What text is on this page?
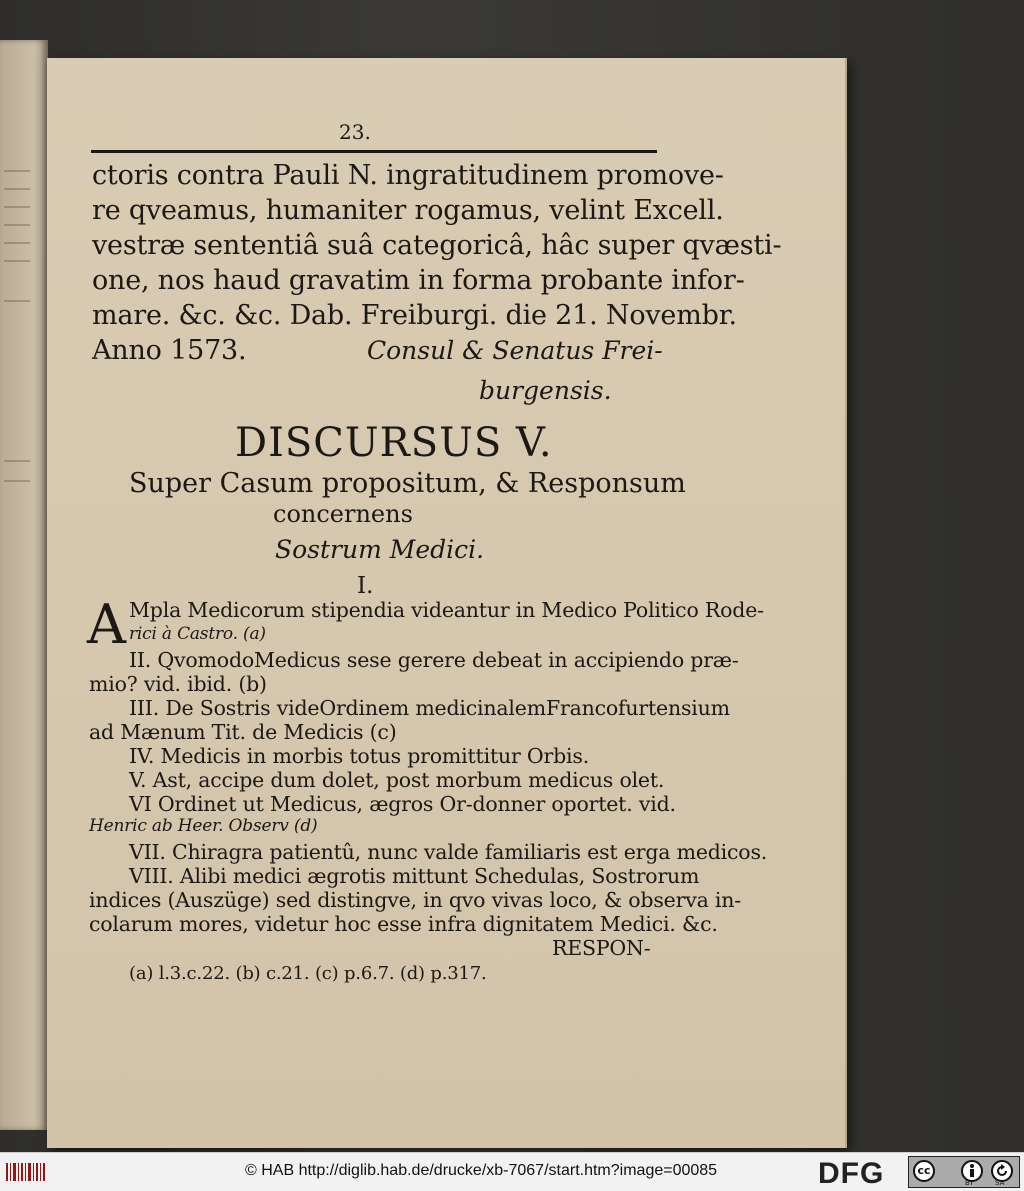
23.
ctoris contra Pauli N. ingratitudinem promove-
re qveamus, humaniter rogamus, velint Excell.
vestræ sententiâ suâ categoricâ, hâc super qvæsti-
one, nos haud gravatim in forma probante infor-
mare. &c. &c. Dab. Freiburgi. die 21. Novembr.
Anno 1573.	Consul & Senatus Frei-
burgensis.
DISCURSUS V.
Super Casum propositum, & Responsum
concernens
Sostrum Medici.
I.
A Mpla Medicorum stipendia videantur in Medico Politico Rode-
rici à Castro. (a)
II. QvomodoMedicus sese gerere debeat in accipiendo præ-
mio? vid. ibid. (b)
III. De Sostris videOrdinem medicinalemFrancofurtensium
ad Mænum Tit. de Medicis (c)
IV. Medicis in morbis totus promittitur Orbis.
V. Ast, accipe dum dolet, post morbum medicus olet.
VI Ordinet ut Medicus, ægros Or-donner oportet. vid.
Henric ab Heer. Observ (d)
VII. Chiragra patientû, nunc valde familiaris est erga medicos.
VIII. Alibi medici ægrotis mittunt Schedulas, Sostrorum
indices (Auszüge) sed distingve, in qvo vivas loco, & observa in-
colarum mores, videtur hoc esse infra dignitatem Medici. &c.
RESPON-
(a) l.3.c.22. (b) c.21. (c) p.6.7. (d) p.317.
© HAB http://diglib.hab.de/drucke/xb-7067/start.htm?image=00085	DFG	cc
BY	SA
